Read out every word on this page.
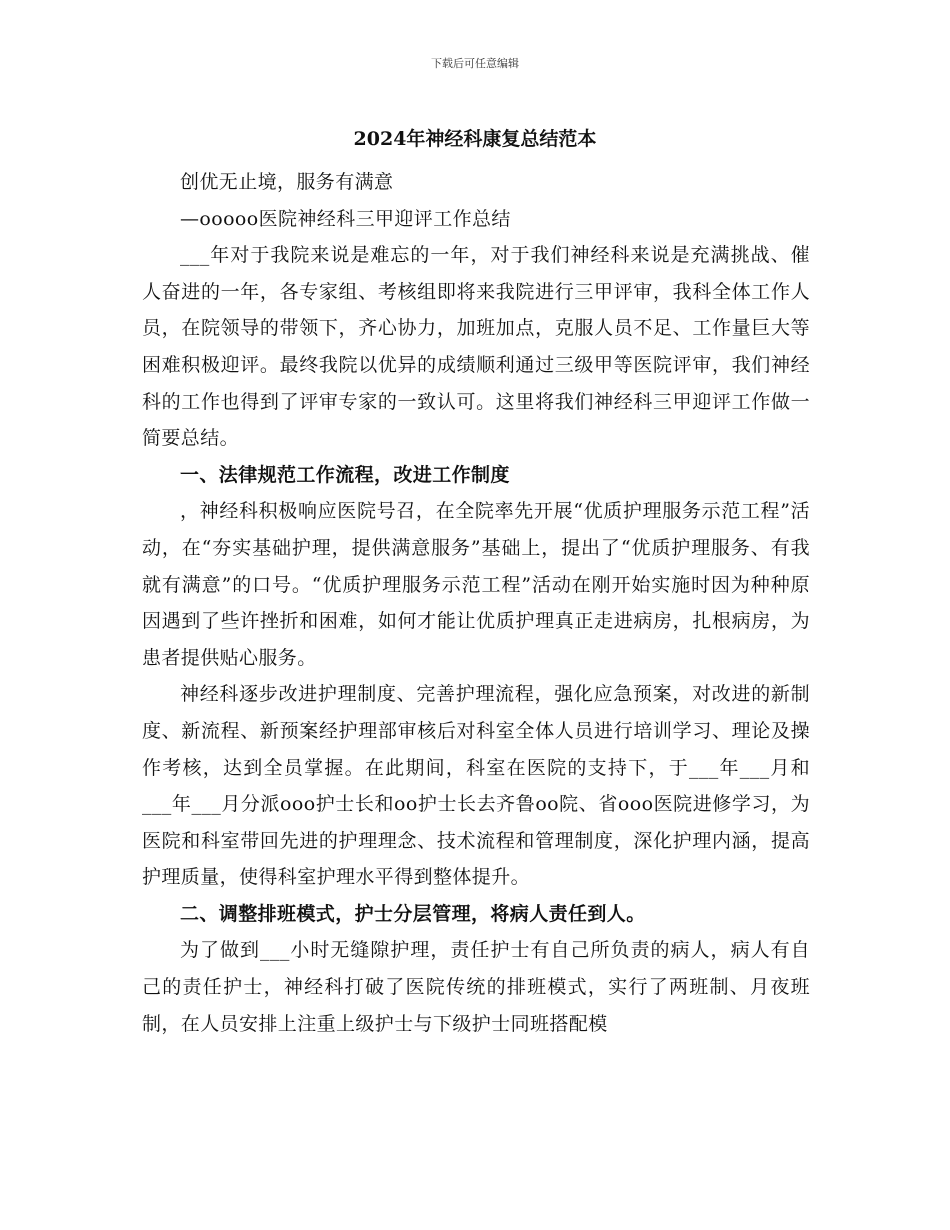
下载后可任意编辑
2024年神经科康复总结范本

创优无止境，服务有满意

—ooooo医院神经科三甲迎评工作总结

___年对于我院来说是难忘的一年，对于我们神经科来说是充满挑战、催人奋进的一年，各专家组、考核组即将来我院进行三甲评审，我科全体工作人员，在院领导的带领下，齐心协力，加班加点，克服人员不足、工作量巨大等困难积极迎评。最终我院以优异的成绩顺利通过三级甲等医院评审，我们神经科的工作也得到了评审专家的一致认可。这里将我们神经科三甲迎评工作做一简要总结。

一、法律规范工作流程，改进工作制度

，神经科积极响应医院号召，在全院率先开展“优质护理服务示范工程”活动，在“夯实基础护理，提供满意服务”基础上，提出了“优质护理服务、有我就有满意”的口号。“优质护理服务示范工程”活动在刚开始实施时因为种种原因遇到了些许挫折和困难，如何才能让优质护理真正走进病房，扎根病房，为患者提供贴心服务。

神经科逐步改进护理制度、完善护理流程，强化应急预案，对改进的新制度、新流程、新预案经护理部审核后对科室全体人员进行培训学习、理论及操作考核，达到全员掌握。在此期间，科室在医院的支持下，于___年___月和___年___月分派ooo护士长和oo护士长去齐鲁oo院、省ooo医院进修学习，为医院和科室带回先进的护理理念、技术流程和管理制度，深化护理内涵，提高护理质量，使得科室护理水平得到整体提升。

二、调整排班模式，护士分层管理，将病人责任到人。

为了做到___小时无缝隙护理，责任护士有自己所负责的病人，病人有自己的责任护士，神经科打破了医院传统的排班模式，实行了两班制、月夜班制，在人员安排上注重上级护士与下级护士同班搭配模
